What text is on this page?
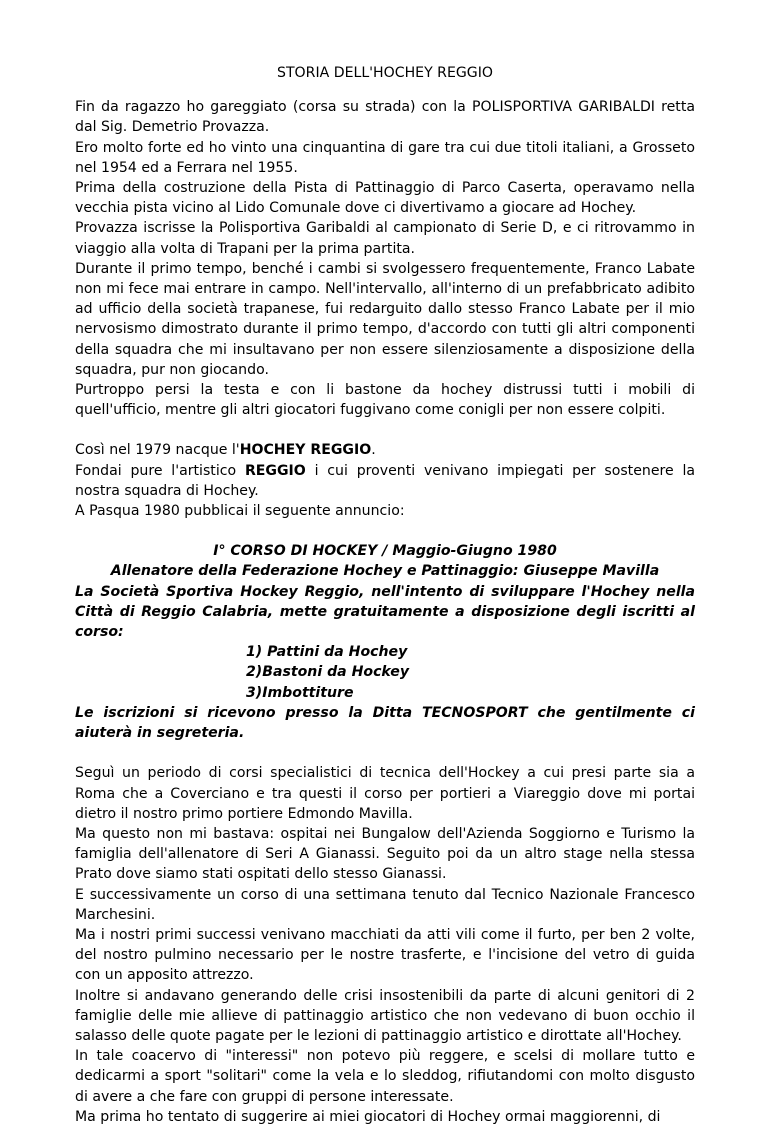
STORIA DELL'HOCHEY REGGIO

Fin da ragazzo ho gareggiato (corsa su strada) con la POLISPORTIVA GARIBALDI retta dal Sig. Demetrio Provazza.

Ero molto forte ed ho vinto una cinquantina di gare tra cui due titoli italiani, a Grosseto nel 1954 ed a Ferrara nel 1955.

Prima della costruzione della Pista di Pattinaggio di Parco Caserta, operavamo nella vecchia pista vicino al Lido Comunale dove ci divertivamo a giocare ad Hochey.

Provazza iscrisse la Polisportiva Garibaldi al campionato di Serie D, e ci ritrovammo in viaggio alla volta di Trapani per la prima partita.

Durante il primo tempo, benché i cambi si svolgessero frequentemente, Franco Labate non mi fece mai entrare in campo. Nell'intervallo, all'interno di un prefabbricato adibito ad ufficio della società trapanese, fui redarguito dallo stesso Franco Labate per il mio nervosismo dimostrato durante il primo tempo, d'accordo con tutti gli altri componenti della squadra che mi insultavano per non essere silenziosamente a disposizione della squadra, pur non giocando.

Purtroppo persi la testa e con li bastone da hochey distrussi tutti i mobili di quell'ufficio, mentre gli altri giocatori fuggivano come conigli per non essere colpiti.

Così nel 1979 nacque l'HOCHEY REGGIO.

Fondai pure l'artistico REGGIO i cui proventi venivano impiegati per sostenere la nostra squadra di Hochey.

A Pasqua 1980 pubblicai il seguente annuncio:

I° CORSO DI HOCKEY / Maggio-Giugno 1980

Allenatore della Federazione Hochey e Pattinaggio: Giuseppe Mavilla

La Società Sportiva Hockey Reggio, nell'intento di sviluppare l'Hochey nella Città di Reggio Calabria, mette gratuitamente a disposizione degli iscritti al corso:

1) Pattini da Hochey

2)Bastoni da Hockey

3)Imbottiture

Le iscrizioni si ricevono presso la Ditta TECNOSPORT che gentilmente ci aiuterà in segreteria.

Seguì un periodo di corsi specialistici di tecnica dell'Hockey a cui presi parte sia a Roma che a Coverciano e tra questi il corso per portieri a Viareggio dove mi portai dietro il nostro primo portiere Edmondo Mavilla.

Ma questo non mi bastava: ospitai nei Bungalow dell'Azienda Soggiorno e Turismo la famiglia dell'allenatore di Seri A Gianassi. Seguito poi da un altro stage nella stessa Prato dove siamo stati ospitati dello stesso Gianassi.

E successivamente un corso di una settimana tenuto dal Tecnico Nazionale Francesco Marchesini.

Ma i nostri primi successi venivano macchiati da atti vili come il furto, per ben 2 volte, del nostro pulmino necessario per le nostre trasferte, e l'incisione del vetro di guida con un apposito attrezzo.

Inoltre si andavano generando delle crisi insostenibili da parte di alcuni genitori di 2 famiglie delle mie allieve di pattinaggio artistico che non vedevano di buon occhio il salasso delle quote pagate per le lezioni di pattinaggio artistico e dirottate all'Hochey.

In tale coacervo di "interessi" non potevo più reggere, e scelsi di mollare tutto e dedicarmi a sport "solitari" come la vela e lo sleddog, rifiutandomi con molto disgusto di avere a che fare con gruppi di persone interessate.

Ma prima ho tentato di suggerire ai miei giocatori di Hochey ormai maggiorenni, di
